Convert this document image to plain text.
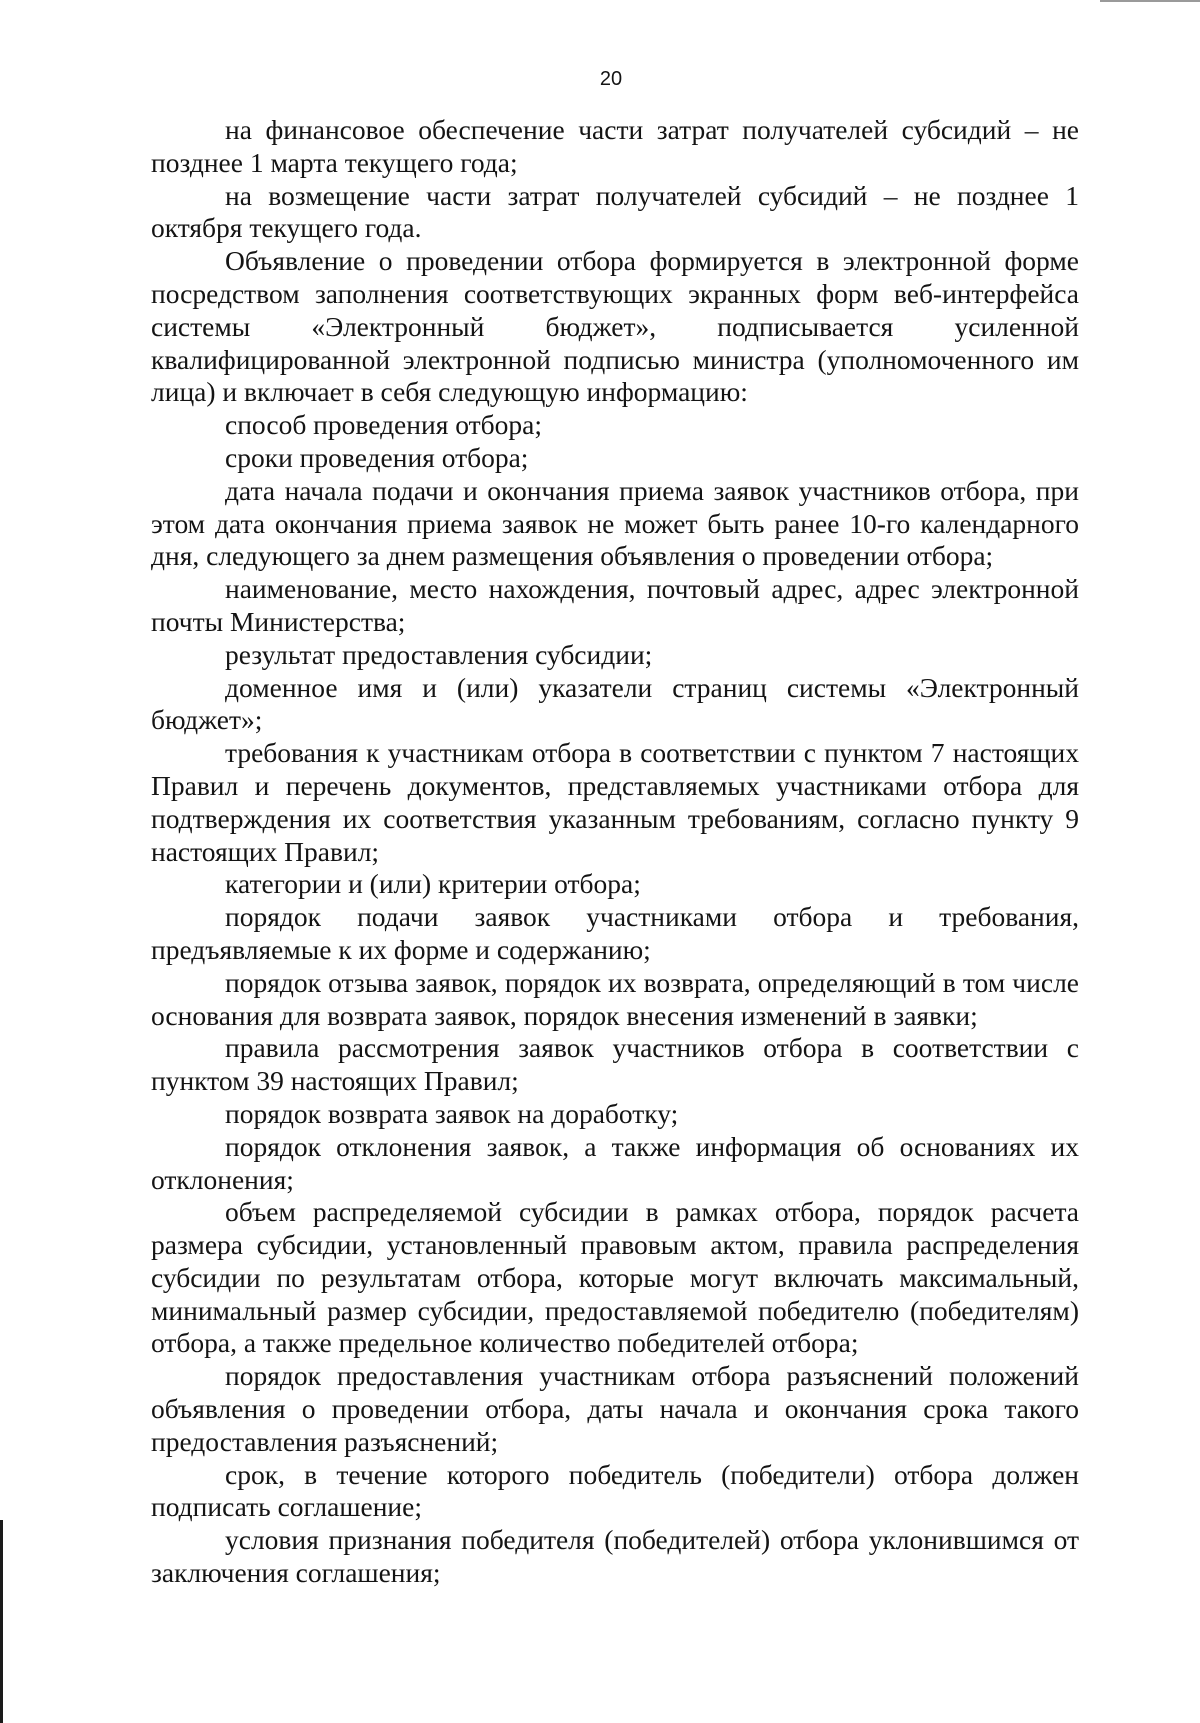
20

на финансовое обеспечение части затрат получателей субсидий – не позднее 1 марта текущего года;

на возмещение части затрат получателей субсидий – не позднее 1 октября текущего года.

Объявление о проведении отбора формируется в электронной форме посредством заполнения соответствующих экранных форм веб-интерфейса системы «Электронный бюджет», подписывается усиленной квалифицированной электронной подписью министра (уполномоченного им лица) и включает в себя следующую информацию:

способ проведения отбора;

сроки проведения отбора;

дата начала подачи и окончания приема заявок участников отбора, при этом дата окончания приема заявок не может быть ранее 10-го календарного дня, следующего за днем размещения объявления о проведении отбора;

наименование, место нахождения, почтовый адрес, адрес электронной почты Министерства;

результат предоставления субсидии;

доменное имя и (или) указатели страниц системы «Электронный бюджет»;

требования к участникам отбора в соответствии с пунктом 7 настоящих Правил и перечень документов, представляемых участниками отбора для подтверждения их соответствия указанным требованиям, согласно пункту 9 настоящих Правил;

категории и (или) критерии отбора;

порядок подачи заявок участниками отбора и требования, предъявляемые к их форме и содержанию;

порядок отзыва заявок, порядок их возврата, определяющий в том числе основания для возврата заявок, порядок внесения изменений в заявки;

правила рассмотрения заявок участников отбора в соответствии с пунктом 39 настоящих Правил;

порядок возврата заявок на доработку;

порядок отклонения заявок, а также информация об основаниях их отклонения;

объем распределяемой субсидии в рамках отбора, порядок расчета размера субсидии, установленный правовым актом, правила распределения субсидии по результатам отбора, которые могут включать максимальный, минимальный размер субсидии, предоставляемой победителю (победителям) отбора, а также предельное количество победителей отбора;

порядок предоставления участникам отбора разъяснений положений объявления о проведении отбора, даты начала и окончания срока такого предоставления разъяснений;

срок, в течение которого победитель (победители) отбора должен подписать соглашение;

условия признания победителя (победителей) отбора уклонившимся от заключения соглашения;
